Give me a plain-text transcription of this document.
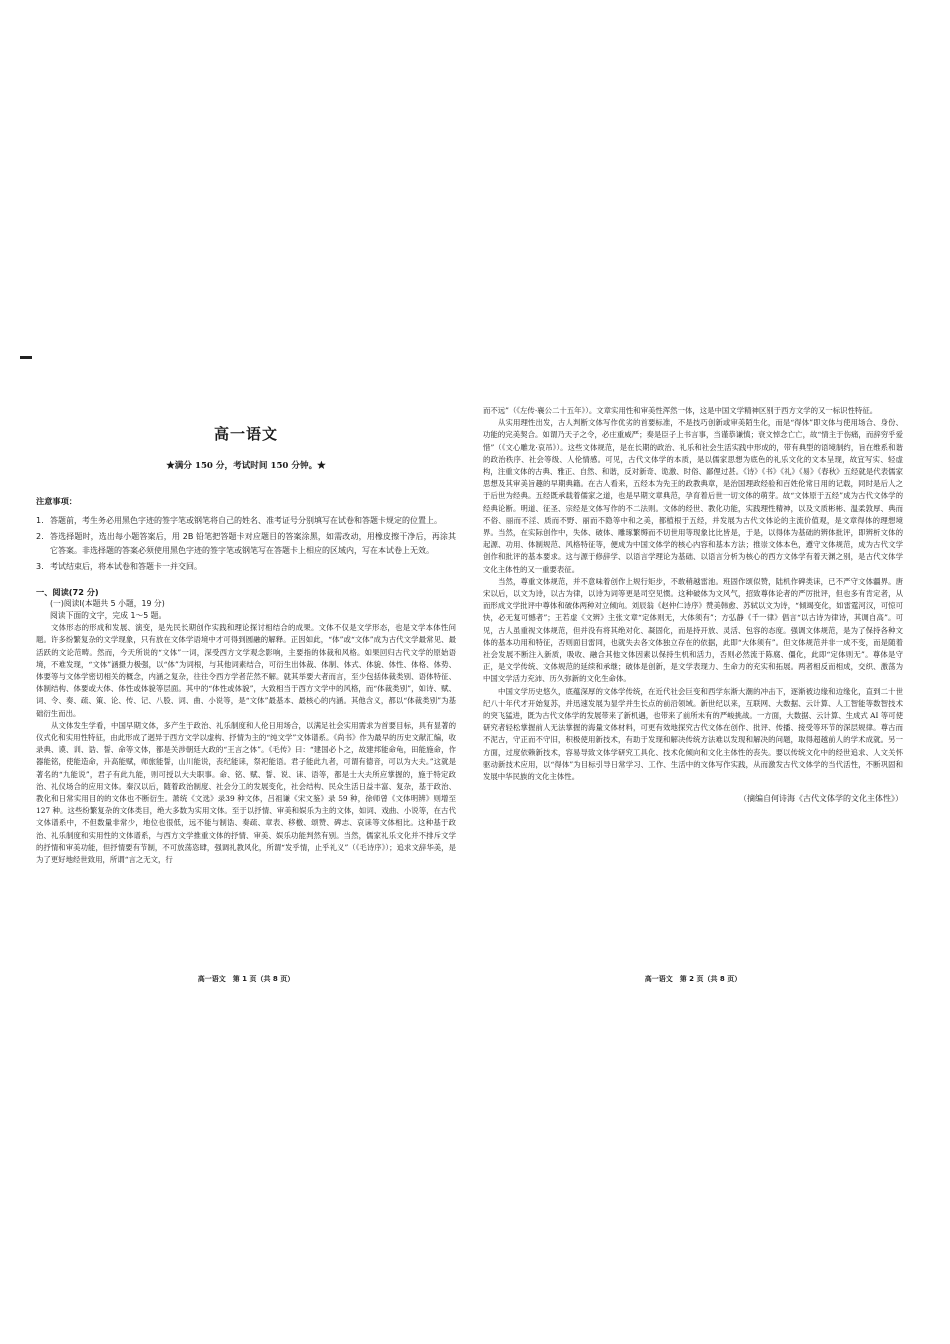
高一语文
★满分 150 分，考试时间 150 分钟。★
注意事项：
1. 答题前，考生务必用黑色字迹的签字笔或钢笔将自己的姓名、准考证号分别填写在试卷和答题卡规定的位置上。
2. 答选择题时，选出每小题答案后，用 2B 铅笔把答题卡对应题目的答案涂黑，如需改动，用橡皮擦干净后，再涂其它答案。非选择题的答案必须使用黑色字迹的签字笔或钢笔写在答题卡上相应的区域内，写在本试卷上无效。
3. 考试结束后，将本试卷和答题卡一并交回。
一、阅读(72 分)
(一)阅读Ⅰ(本题共 5 小题，19 分)
阅读下面的文字，完成 1～5 题。

文体形态的形成和发展、演变，是先民长期创作实践和理论探讨相结合的成果。文体不仅是文学形态，也是文学本体性问题。许多纷繁复杂的文学现象，只有放在文体学语境中才可得到圆融的解释。正因如此，“体”或“文体”成为古代文学最常见、最活跃的文论范畴。然而，今天所说的“文体”一词，深受西方文学观念影响，主要指的体裁和风格。如果回归古代文学的原始语境，不难发现，“文体”涵摄力极强，以“体”为词根，与其他词素结合，可衍生出体裁、体制、体式、体貌、体性、体格、体势、体要等与文体学密切相关的概念，内涵之复杂，往往令西方学者茫然不解。就其举要大者而言，至少包括体裁类别、语体特征、体制结构、体要或大体、体性或体貌等层面。其中的“体性或体貌”，大致相当于西方文学中的风格，而“体裁类别”，如诗、赋、词、令、奏、疏、策、论、传、记、八股、词、曲、小说等，是“文体”最基本、最核心的内涵。其他含义，都以“体裁类别”为基础衍生而出。

从文体发生学看，中国早期文体，多产生于政治、礼乐制度和人伦日用场合，以满足社会实用需求为首要目标，具有显著的仪式化和实用性特征，由此形成了迥异于西方文学以虚构、抒情为主的“纯文学”文体谱系。《尚书》作为最早的历史文献汇编，收录典、谟、训、诰、誓、命等文体，都是关涉朝廷大政的“王言之体”。《毛传》曰：“建国必卜之，故建邦能命龟，田能施命，作器能铭，使能造命，升高能赋，师旅能誓，山川能说，丧纪能诔，祭祀能语。君子能此九者，可谓有德音，可以为大夫。”这就是著名的“九能说”，君子有此九能，则可授以大夫职事。命、铭、赋、誓、说、诔、语等，都是士大夫所应掌握的，施于特定政治、礼仪场合的应用文体。秦汉以后，随着政治制度、社会分工的发展变化，社会结构、民众生活日益丰富、复杂，基于政治、教化和日常实用目的的文体也不断衍生。萧统《文选》录39 种文体，吕祖谦《宋文鉴》录 59 种，徐师曾《文体明辨》则增至 127 种。这些纷繁复杂的文体类目，绝大多数为实用文体。至于以抒情、审美和娱乐为主的文体，如词、戏曲、小说等，在古代文体谱系中，不但数量非常少，地位也很低，远不能与制诰、奏疏、章表、移檄、颂赞、碑志、哀诔等文体相比。这种基于政治、礼乐制度和实用性的文体谱系，与西方文学推重文体的抒情、审美、娱乐功能判然有别。当然，儒家礼乐文化并不排斥文学的抒情和审美功能，但抒情要有节制，不可放荡恣肆，强调礼教风化，所谓“发乎情，止乎礼义”（《毛诗序》）；追求文辞华美，是为了更好地经世致用，所谓“言之无文，行

而不远”（《左传·襄公二十五年》）。文章实用性和审美性浑然一体，这是中国文学精神区别于西方文学的又一标识性特征。

从实用理性出发，古人判断文体写作优劣的首要标准，不是技巧创新或审美陌生化，而是“得体”即文体与使用场合、身份、功能的完美契合。如谓乃天子之令，必庄重威严；奏是臣子上书言事，当谨恭谦慎；衰文悼念亡亡，故“情主于伤痛，而辞穷乎爱惜”（《文心雕龙·哀吊》）。这些文体规范，是在长期的政治、礼乐和社会生活实践中形成的，带有典型的语境制约，旨在维系和谐的政治秩序、社会等级、人伦情感。可见，古代文体学的本质，是以儒家思想为底色的礼乐文化的文本呈现，故宜写实、轻虚构，注重文体的古典、雅正、自然、和谐，反对新奇、诡激、时俗、鄙俚过甚。《诗》《书》《礼》《易》《春秋》五经就是代表儒家思想及其审美旨趣的早期典籍。在古人看来，五经本为先王的政教典章，是治国理政经验和百姓伦常日用的记载，同时是后人之于后世为经典。五经既承载着儒家之道，也是早期文章典范，孕育着后世一切文体的萌芽。故“文体原于五经”成为古代文体学的经典论断。明道、征圣、宗经是文体写作的不二法则。文体的经世、教化功能，实践理性精神，以及文质彬彬、温柔敦厚、典而不俗、丽而不淫、质而不野、丽而不隐等中和之美，都植根于五经，并发展为古代文体论的主流价值观，是文章得体的理想境界。当然，在实际创作中，失体、破体、雕琢繁缛而不切世用等现象比比皆是，于是，以得体为基础的辨体批评，即辨析文体的起源、功用、体制规范、风格特征等，便成为中国文体学的核心内容和基本方法；推崇文体本色，遵守文体规范，成为古代文学创作和批评的基本要求。这与源于修辞学、以语言学理论为基础、以语言分析为核心的西方文体学有着天渊之别，是古代文体学文化主体性的又一重要表征。

当然，尊重文体规范，并不意味着创作上规行矩步，不敢稍越雷池。班固作颂似赞，陆机作碑类诔，已不严守文体疆界。唐宋以后，以文为诗，以古为律，以诗为词等更是司空见惯。这种破体为文风气，招致尊体论者的严厉批评，但也多有肯定者，从而形成文学批评中尊体和破体两种对立倾向。刘辰翁《赵仲仁诗序》赞美韩愈、苏轼以文为诗，“倾竭变化，如雷霆河汉，可惊可快，必无复可憾者”；王若虚《文辨》主张文章“定体则无，大体须有”；方弘静《千一律》倡言“以古诗为律诗，其调自高”。可见，古人虽重视文体规范，但并没有将其绝对化、凝固化，而是持开放、灵活、包容的态度。强调文体规范，是为了保持各种文体的基本功用和特征，否则面目雷同，也就失去各文体独立存在的依据，此即“大体须有”。但文体规范并非一成不变，而是随着社会发展不断注入新质，吸收、融合其他文体因素以保持生机和活力，否则必然流于陈腐、僵化，此即“定体则无”。尊体是守正，是文学传统、文体规范的延续和承继；破体是创新，是文学表现力、生命力的充实和拓展。两者相反而相成，交织、激荡为中国文学活力充沛、历久弥新的文化生命体。

中国文学历史悠久，底蕴深厚的文体学传统，在近代社会巨变和西学东渐大潮的冲击下，逐渐被边缘和边缘化，直到二十世纪八十年代才开始复苏，并迅速发展为显学并生长点的前沿领域。新世纪以来，互联网、大数据、云计算、人工智能等数智技术的突飞猛进，既为古代文体学的发展带来了新机遇，也带来了前所未有的严峻挑战。一方面，大数据、云计算、生成式 AI 等可使研究者轻松掌握前人无法掌握的海量文体材料，可更有效地探究古代文体在创作、批评、传播、接受等环节的深层规律。尊古而不泥古，守正而不守旧，积极使用新技术，有助于发现和解决传统方法难以发现和解决的问题，取得超越前人的学术成就。另一方面，过度依赖新技术，容易导致文体学研究工具化、技术化倾向和文化主体性的丧失。要以传统文化中的经世追求、人文关怀驱动新技术应用，以“得体”为目标引导日常学习、工作、生活中的文体写作实践，从而激发古代文体学的当代活性，不断巩固和发展中华民族的文化主体性。

（摘编自何诗海《古代文体学的文化主体性》）
高一语文　第 1 页（共 8 页）	高一语文　第 2 页（共 8 页）
